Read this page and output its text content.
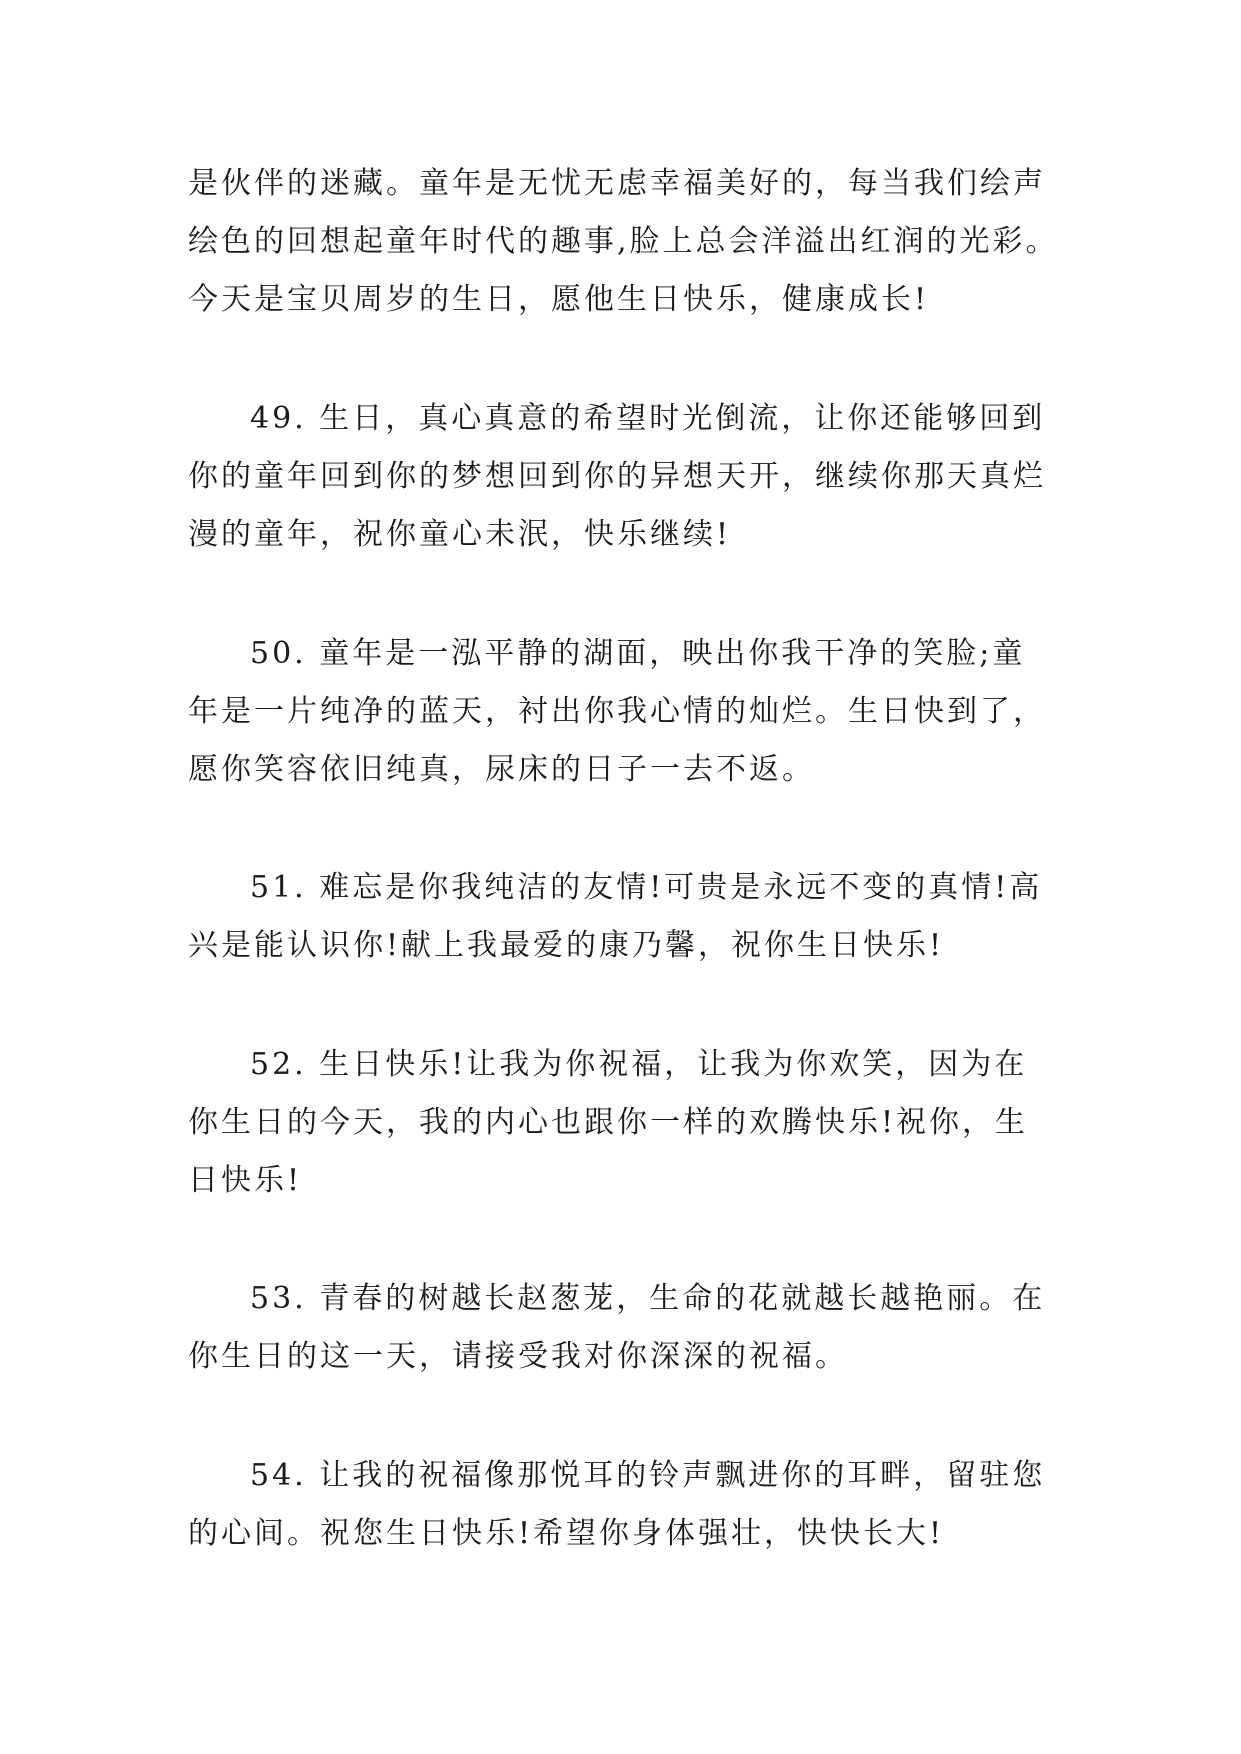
是伙伴的迷藏。童年是无忧无虑幸福美好的，每当我们绘声
绘色的回想起童年时代的趣事,脸上总会洋溢出红润的光彩。
今天是宝贝周岁的生日，愿他生日快乐，健康成长!
49. 生日，真心真意的希望时光倒流，让你还能够回到
你的童年回到你的梦想回到你的异想天开，继续你那天真烂
漫的童年，祝你童心未泯，快乐继续!
50. 童年是一泓平静的湖面，映出你我干净的笑脸;童
年是一片纯净的蓝天，衬出你我心情的灿烂。生日快到了，
愿你笑容依旧纯真，尿床的日子一去不返。
51. 难忘是你我纯洁的友情!可贵是永远不变的真情!高
兴是能认识你!献上我最爱的康乃馨，祝你生日快乐!
52. 生日快乐!让我为你祝福，让我为你欢笑，因为在
你生日的今天，我的内心也跟你一样的欢腾快乐!祝你，生
日快乐!
53. 青春的树越长赵葱茏，生命的花就越长越艳丽。在
你生日的这一天，请接受我对你深深的祝福。
54. 让我的祝福像那悦耳的铃声飘进你的耳畔，留驻您
的心间。祝您生日快乐!希望你身体强壮，快快长大!
